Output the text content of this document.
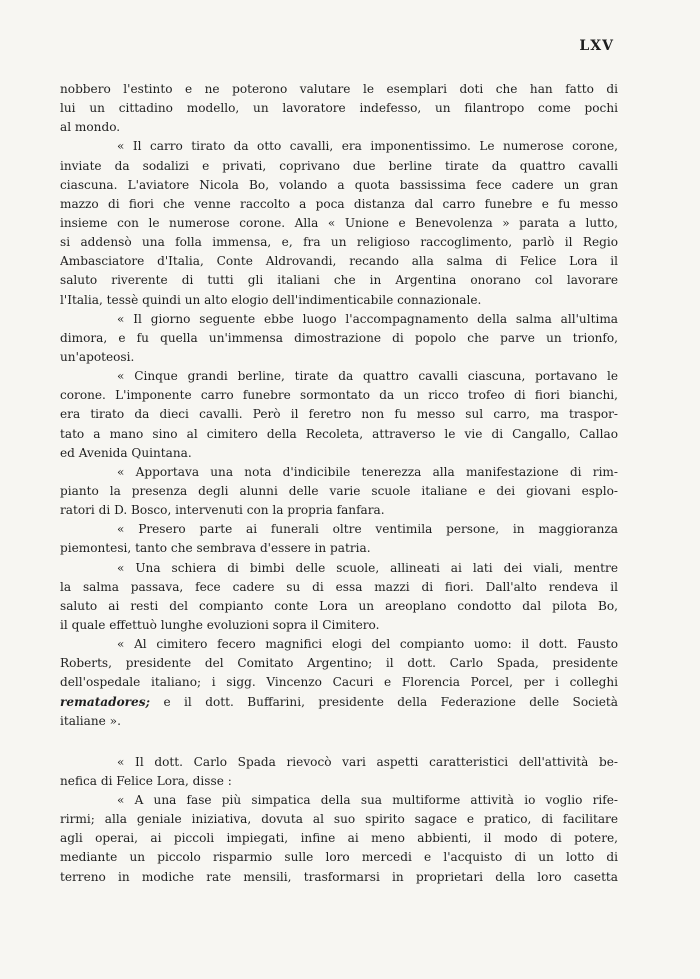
LXV
nobbero l'estinto e ne poterono valutare le esemplari doti che han fatto di
lui un cittadino modello, un lavoratore indefesso, un filantropo come pochi
al mondo.
« Il carro tirato da otto cavalli, era imponentissimo. Le numerose corone,
inviate da sodalizi e privati, coprivano due berline tirate da quattro cavalli
ciascuna. L'aviatore Nicola Bo, volando a quota bassissima fece cadere un gran
mazzo di fiori che venne raccolto a poca distanza dal carro funebre e fu messo
insieme con le numerose corone. Alla « Unione e Benevolenza » parata a lutto,
si addensò una folla immensa, e, fra un religioso raccoglimento, parlò il Regio
Ambasciatore d'Italia, Conte Aldrovandi, recando alla salma di Felice Lora il
saluto riverente di tutti gli italiani che in Argentina onorano col lavorare
l'Italia, tessè quindi un alto elogio dell'indimenticabile connazionale.
« Il giorno seguente ebbe luogo l'accompagnamento della salma all'ultima
dimora, e fu quella un'immensa dimostrazione di popolo che parve un trionfo,
un'apoteosi.
« Cinque grandi berline, tirate da quattro cavalli ciascuna, portavano le
corone. L'imponente carro funebre sormontato da un ricco trofeo di fiori bianchi,
era tirato da dieci cavalli. Però il feretro non fu messo sul carro, ma traspor-
tato a mano sino al cimitero della Recoleta, attraverso le vie di Cangallo, Callao
ed Avenida Quintana.
« Apportava una nota d'indicibile tenerezza alla manifestazione di rim-
pianto la presenza degli alunni delle varie scuole italiane e dei giovani esplo-
ratori di D. Bosco, intervenuti con la propria fanfara.
« Presero parte ai funerali oltre ventimila persone, in maggioranza
piemontesi, tanto che sembrava d'essere in patria.
« Una schiera di bimbi delle scuole, allineati ai lati dei viali, mentre
la salma passava, fece cadere su di essa mazzi di fiori. Dall'alto rendeva il
saluto ai resti del compianto conte Lora un areoplano condotto dal pilota Bo,
il quale effettuò lunghe evoluzioni sopra il Cimitero.
« Al cimitero fecero magnifici elogi del compianto uomo: il dott. Fausto
Roberts, presidente del Comitato Argentino; il dott. Carlo Spada, presidente
dell'ospedale italiano; i sigg. Vincenzo Cacuri e Florencia Porcel, per i colleghi
rematadores; e il dott. Buffarini, presidente della Federazione delle Società
italiane ».
« Il dott. Carlo Spada rievocò vari aspetti caratteristici dell'attività be-
nefica di Felice Lora, disse :
« A una fase più simpatica della sua multiforme attività io voglio rife-
rirmi; alla geniale iniziativa, dovuta al suo spirito sagace e pratico, di facilitare
agli operai, ai piccoli impiegati, infine ai meno abbienti, il modo di potere,
mediante un piccolo risparmio sulle loro mercedi e l'acquisto di un lotto di
terreno in modiche rate mensili, trasformarsi in proprietari della loro casetta
